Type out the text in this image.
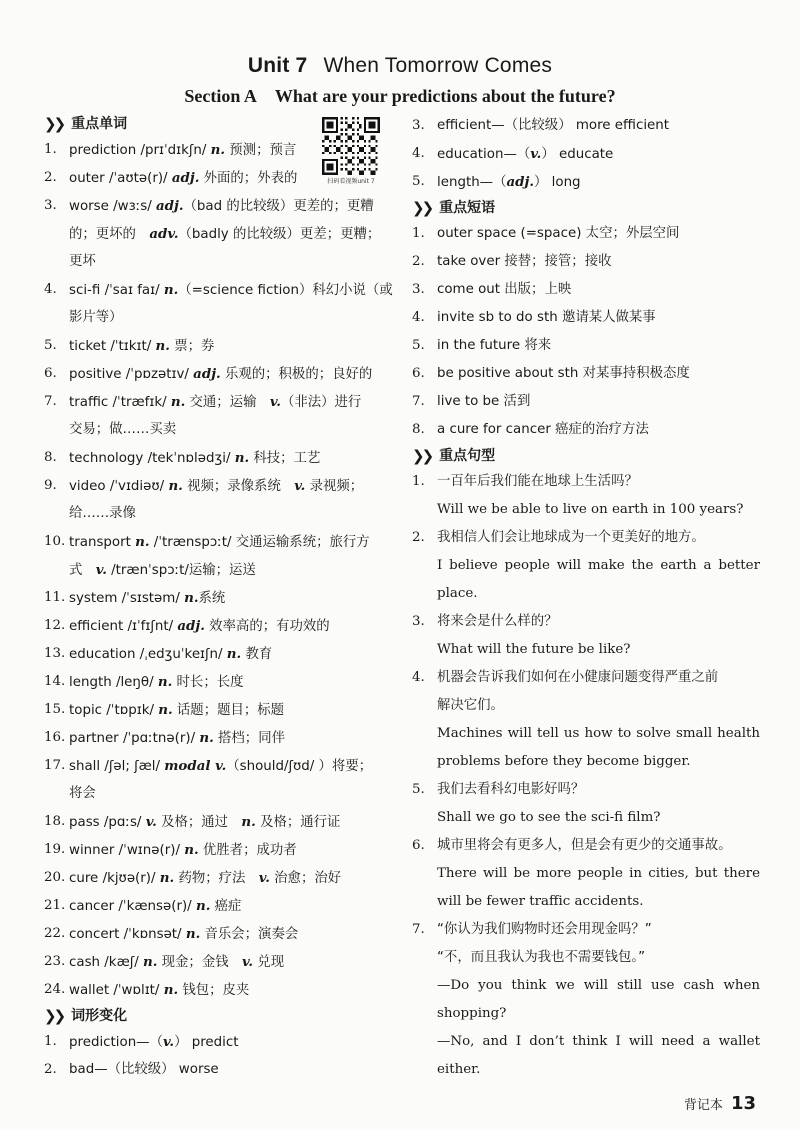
Unit 7 When Tomorrow Comes
Section A What are your predictions about the future?
❯❯ 重点单词
1. prediction /prɪˈdɪkʃn/ n. 预测；预言
2. outer /ˈaʊtə(r)/ adj. 外面的；外表的
3. worse /wɜːs/ adj.（bad 的比较级）更差的；更糟
的；更坏的　adv.（badly 的比较级）更差；更糟；
更坏
4. sci-fi /ˈsaɪ faɪ/ n.（=science fiction）科幻小说（或
影片等）
5. ticket /ˈtɪkɪt/ n. 票；券
6. positive /ˈpɒzətɪv/ adj. 乐观的；积极的；良好的
7. traffic /ˈtræfɪk/ n. 交通；运输　v.（非法）进行
交易；做……买卖
8. technology /tekˈnɒlədʒi/ n. 科技；工艺
9. video /ˈvɪdiəʊ/ n. 视频；录像系统　v. 录视频；
给……录像
10. transport n. /ˈtrænspɔːt/ 交通运输系统；旅行方
式　v. /trænˈspɔːt/运输；运送
11. system /ˈsɪstəm/ n.系统
12. efficient /ɪˈfɪʃnt/ adj. 效率高的；有功效的
13. education /ˌedʒuˈkeɪʃn/ n. 教育
14. length /leŋθ/ n. 时长；长度
15. topic /ˈtɒpɪk/ n. 话题；题目；标题
16. partner /ˈpɑːtnə(r)/ n. 搭档；同伴
17. shall /ʃəl; ʃæl/ modal v.（should/ʃʊd/ ）将要；
将会
18. pass /pɑːs/ v. 及格；通过　n. 及格；通行证
19. winner /ˈwɪnə(r)/ n. 优胜者；成功者
20. cure /kjʊə(r)/ n. 药物；疗法　v. 治愈；治好
21. cancer /ˈkænsə(r)/ n. 癌症
22. concert /ˈkɒnsət/ n. 音乐会；演奏会
23. cash /kæʃ/ n. 现金；金钱　v. 兑现
24. wallet /ˈwɒlɪt/ n. 钱包；皮夹
❯❯ 词形变化
1. prediction—（v.） predict
2. bad—（比较级） worse
3. efficient—（比较级） more efficient
4. education—（v.） educate
5. length—（adj.） long
❯❯ 重点短语
1. outer space (=space) 太空；外层空间
2. take over 接替；接管；接收
3. come out 出版；上映
4. invite sb to do sth 邀请某人做某事
5. in the future 将来
6. be positive about sth 对某事持积极态度
7. live to be 活到
8. a cure for cancer 癌症的治疗方法
❯❯ 重点句型
1. 一百年后我们能在地球上生活吗？
Will we be able to live on earth in 100 years?
2. 我相信人们会让地球成为一个更美好的地方。
I believe people will make the earth a better
place.
3. 将来会是什么样的？
What will the future be like?
4. 机器会告诉我们如何在小健康问题变得严重之前
解决它们。
Machines will tell us how to solve small health
problems before they become bigger.
5. 我们去看科幻电影好吗？
Shall we go to see the sci-fi film?
6. 城市里将会有更多人，但是会有更少的交通事故。
There will be more people in cities, but there
will be fewer traffic accidents.
7. “你认为我们购物时还会用现金吗？”
“不，而且我认为我也不需要钱包。”
—Do you think we will still use cash when
shopping?
—No, and I don’t think I will need a wallet
either.
扫码看视频unit 7
背记本 13
